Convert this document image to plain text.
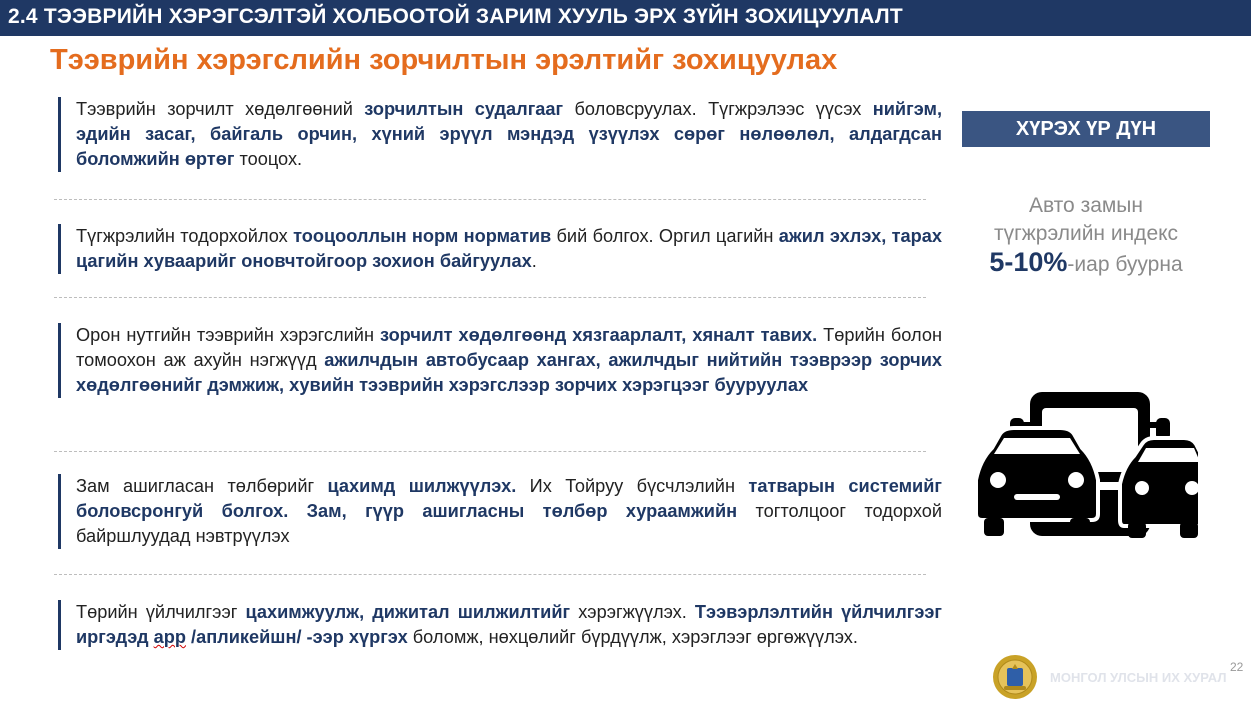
2.4 ТЭЭВРИЙН ХЭРЭГСЭЛТЭЙ ХОЛБООТОЙ ЗАРИМ ХУУЛЬ ЭРХ ЗҮЙН ЗОХИЦУУЛАЛТ
Тээврийн хэрэгслийн зорчилтын эрэлтийг зохицуулах
Тээврийн зорчилт хөдөлгөөний зорчилтын судалгааг боловсруулах. Түгжрэлээс үүсэх нийгэм, эдийн засаг, байгаль орчин, хүний эрүүл мэндэд үзүүлэх сөрөг нөлөөлөл, алдагдсан боломжийн өртөг тооцох.
Түгжрэлийн тодорхойлох тооцооллын норм норматив бий болгох. Оргил цагийн ажил эхлэх, тарах цагийн хуваарийг оновчтойгоор зохион байгуулах.
Орон нутгийн тээврийн хэрэгслийн зорчилт хөдөлгөөнд хязгаарлалт, хяналт тавих. Төрийн болон томоохон аж ахуйн нэгжүүд ажилчдын автобусаар хангах, ажилчдыг нийтийн тээврээр зорчих хөдөлгөөнийг дэмжиж, хувийн тээврийн хэрэгслээр зорчих хэрэгцээг бууруулах
Зам ашигласан төлбөрийг цахимд шилжүүлэх. Их Тойруу бүсчлэлийн татварын системийг боловсронгуй болгох. Зам, гүүр ашигласны төлбөр хураамжийн тогтолцоог тодорхой байршлуудад нэвтрүүлэх
Төрийн үйлчилгээг цахимжуулж, дижитал шилжилтийг хэрэгжүүлэх. Тээвэрлэлтийн үйлчилгээг иргэдэд app /апликейшн/ -ээр хүргэх боломж, нөхцөлийг бүрдүүлж, хэрэглээг өргөжүүлэх.
ХҮРЭХ ҮР ДҮН
Авто замын
түгжрэлийн индекс
5-10%-иар буурна
МОНГОЛ УЛСЫН ИХ ХУРАЛ
22
